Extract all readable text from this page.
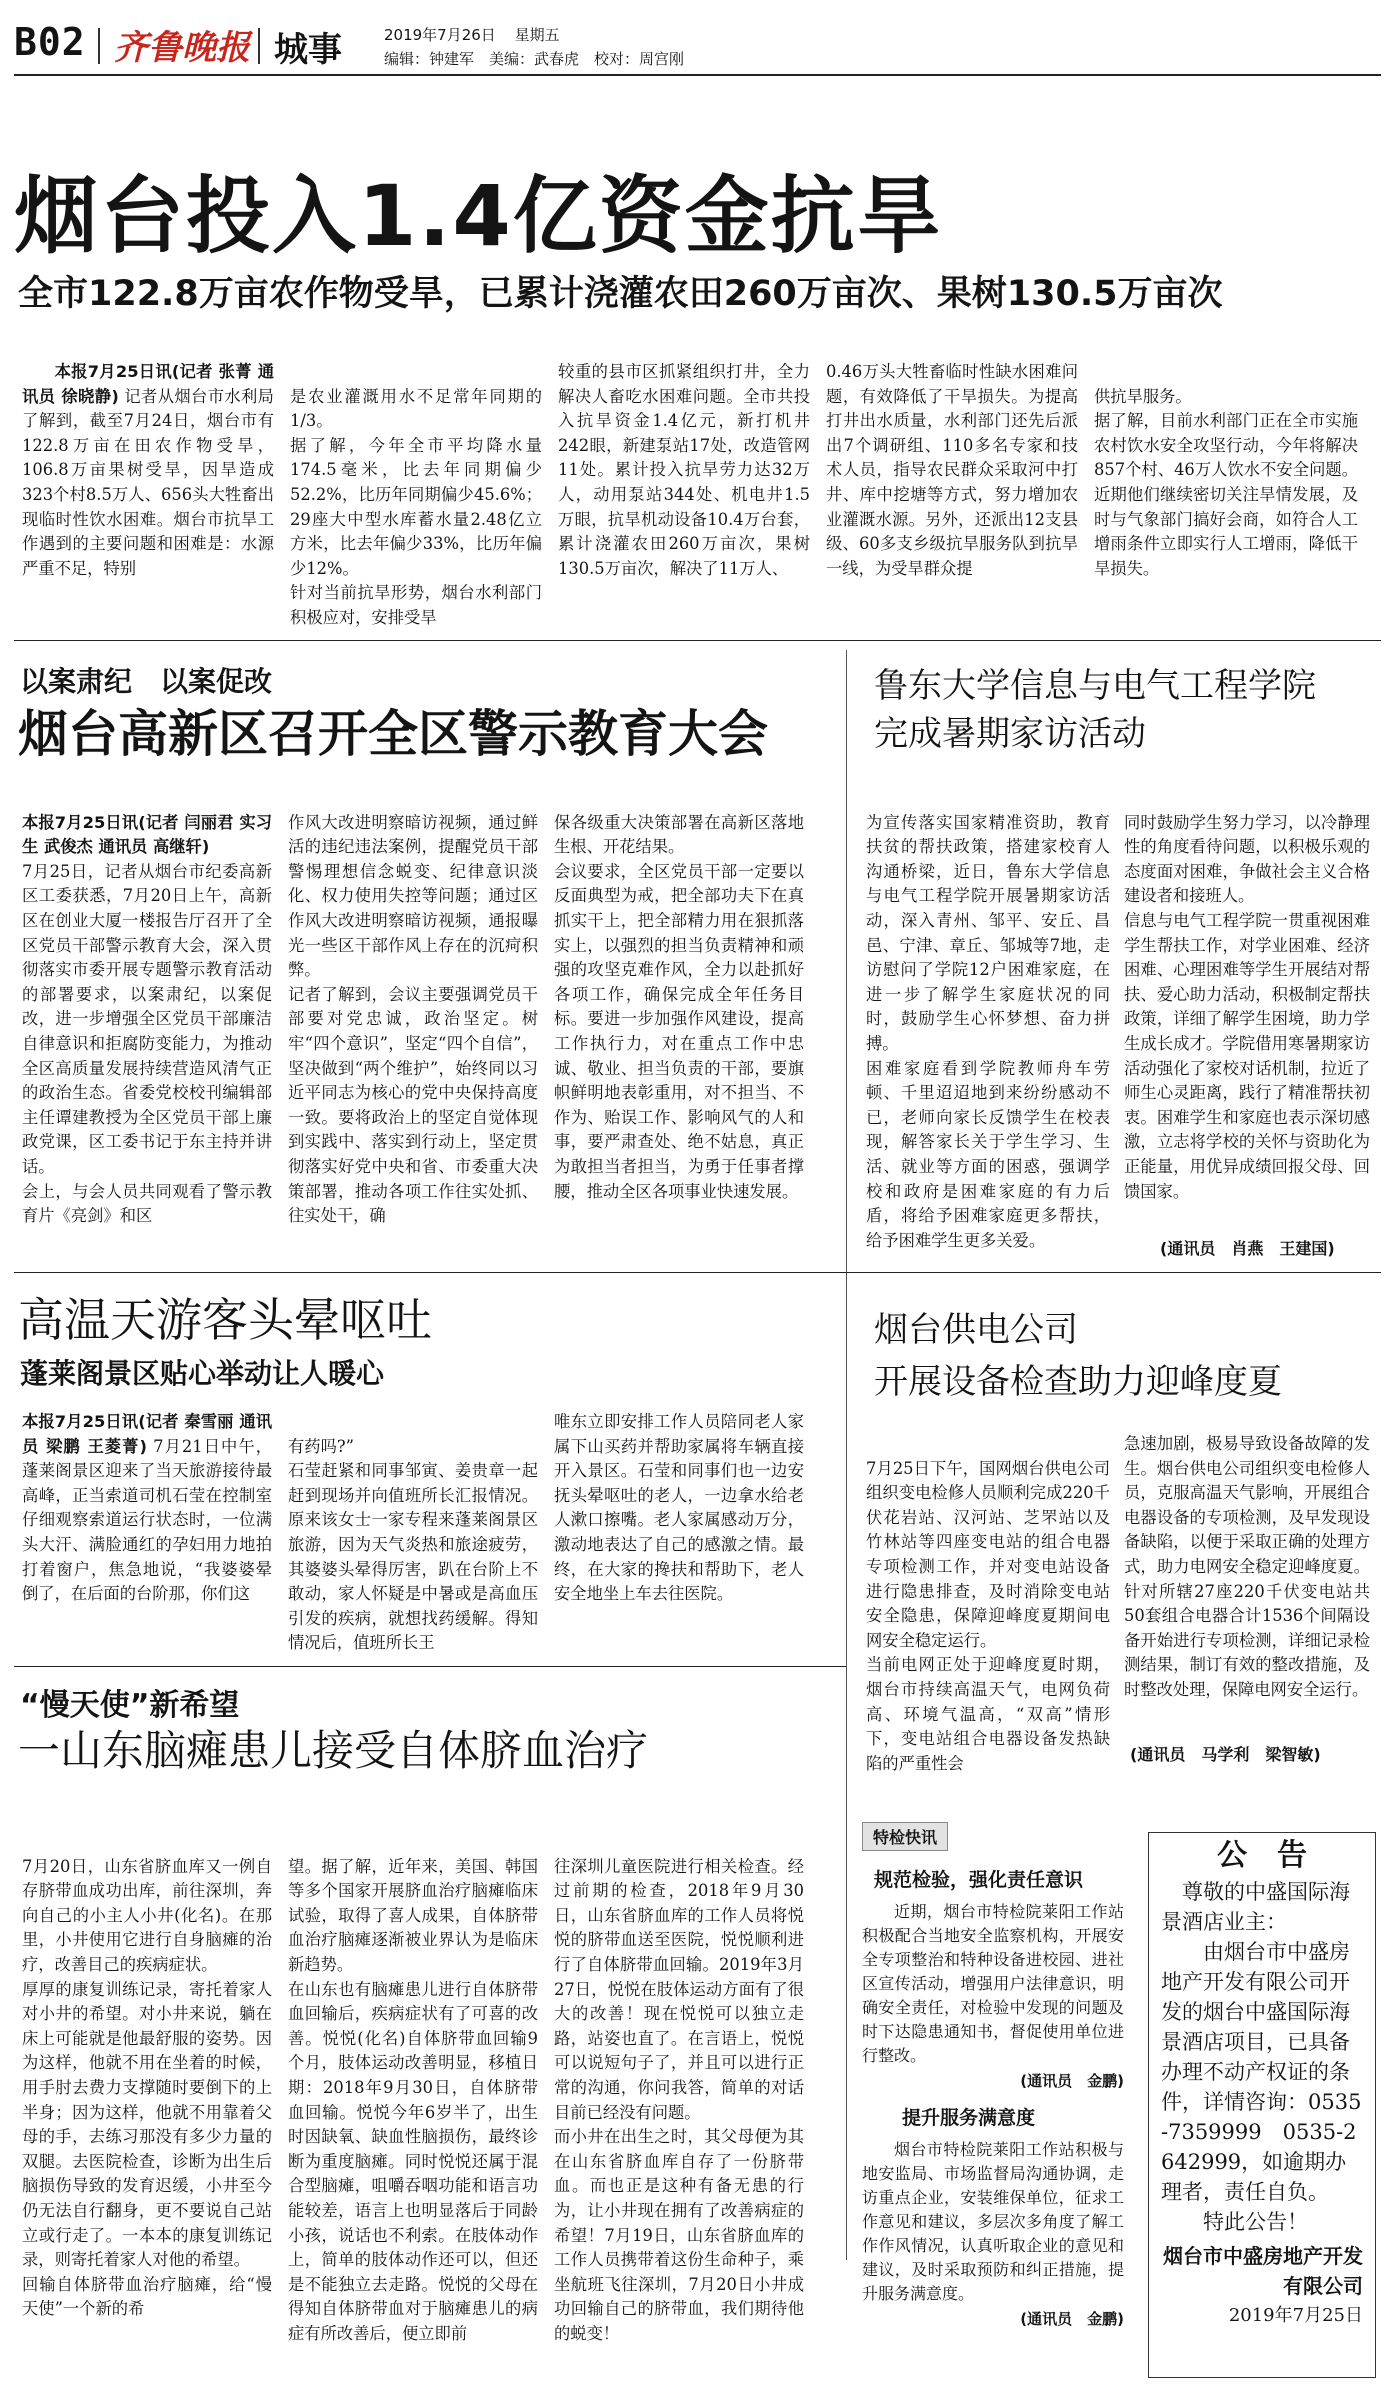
B02 齐鲁晚报 城事	2019年7月26日 星期五
编辑：钟建军　美编：武春虎　校对：周宫刚
烟台投入1.4亿资金抗旱
全市122.8万亩农作物受旱，已累计浇灌农田260万亩次、果树130.5万亩次

本报7月25日讯(记者 张菁 通讯员 徐晓静) 记者从烟台市水利局了解到，截至7月24日，烟台市有122.8万亩在田农作物受旱，106.8万亩果树受旱，因旱造成323个村8.5万人、656头大牲畜出现临时性饮水困难。烟台市抗旱工作遇到的主要问题和困难是：水源严重不足，特别

是农业灌溉用水不足常年同期的1/3。
据了解，今年全市平均降水量174.5毫米，比去年同期偏少52.2%，比历年同期偏少45.6%；29座大中型水库蓄水量2.48亿立方米，比去年偏少33%，比历年偏少12%。
针对当前抗旱形势，烟台水利部门积极应对，安排受旱

较重的县市区抓紧组织打井，全力解决人畜吃水困难问题。全市共投入抗旱资金1.4亿元，新打机井242眼，新建泵站17处，改造管网11处。累计投入抗旱劳力达32万人，动用泵站344处、机电井1.5万眼，抗旱机动设备10.4万台套，累计浇灌农田260万亩次，果树130.5万亩次，解决了11万人、
0.46万头大牲畜临时性缺水困难问题，有效降低了干旱损失。为提高打井出水质量，水利部门还先后派出7个调研组、110多名专家和技术人员，指导农民群众采取河中打井、库中挖塘等方式，努力增加农业灌溉水源。另外，还派出12支县级、60多支乡级抗旱服务队到抗旱一线，为受旱群众提

供抗旱服务。
据了解，目前水利部门正在全市实施农村饮水安全攻坚行动，今年将解决857个村、46万人饮水不安全问题。近期他们继续密切关注旱情发展，及时与气象部门搞好会商，如符合人工增雨条件立即实行人工增雨，降低干旱损失。

以案肃纪　以案促改
烟台高新区召开全区警示教育大会

本报7月25日讯(记者 闫丽君 实习生 武俊杰 通讯员 高继轩)
7月25日，记者从烟台市纪委高新区工委获悉，7月20日上午，高新区在创业大厦一楼报告厅召开了全区党员干部警示教育大会，深入贯彻落实市委开展专题警示教育活动的部署要求，以案肃纪，以案促改，进一步增强全区党员干部廉洁自律意识和拒腐防变能力，为推动全区高质量发展持续营造风清气正的政治生态。省委党校校刊编辑部主任谭建教授为全区党员干部上廉政党课，区工委书记于东主持并讲话。
会上，与会人员共同观看了警示教育片《亮剑》和区

作风大改进明察暗访视频，通过鲜活的违纪违法案例，提醒党员干部警惕理想信念蜕变、纪律意识淡化、权力使用失控等问题；通过区作风大改进明察暗访视频，通报曝光一些区干部作风上存在的沉疴积弊。
记者了解到，会议主要强调党员干部要对党忠诚，政治坚定。树牢“四个意识”，坚定“四个自信”，坚决做到“两个维护”，始终同以习近平同志为核心的党中央保持高度一致。要将政治上的坚定自觉体现到实践中、落实到行动上，坚定贯彻落实好党中央和省、市委重大决策部署，推动各项工作往实处抓、往实处干，确

保各级重大决策部署在高新区落地生根、开花结果。
会议要求，全区党员干部一定要以反面典型为戒，把全部功夫下在真抓实干上，把全部精力用在狠抓落实上，以强烈的担当负责精神和顽强的攻坚克难作风，全力以赴抓好各项工作，确保完成全年任务目标。要进一步加强作风建设，提高工作执行力，对在重点工作中忠诚、敬业、担当负责的干部，要旗帜鲜明地表彰重用，对不担当、不作为、贻误工作、影响风气的人和事，要严肃查处、绝不姑息，真正为敢担当者担当，为勇于任事者撑腰，推动全区各项事业快速发展。

鲁东大学信息与电气工程学院
完成暑期家访活动

为宣传落实国家精准资助，教育扶贫的帮扶政策，搭建家校育人沟通桥梁，近日，鲁东大学信息与电气工程学院开展暑期家访活动，深入青州、邹平、安丘、昌邑、宁津、章丘、邹城等7地，走访慰问了学院12户困难家庭，在进一步了解学生家庭状况的同时，鼓励学生心怀梦想、奋力拼搏。
困难家庭看到学院教师舟车劳顿、千里迢迢地到来纷纷感动不已，老师向家长反馈学生在校表现，解答家长关于学生学习、生活、就业等方面的困惑，强调学校和政府是困难家庭的有力后盾，将给予困难家庭更多帮扶，给予困难学生更多关爱。

同时鼓励学生努力学习，以冷静理性的角度看待问题，以积极乐观的态度面对困难，争做社会主义合格建设者和接班人。
信息与电气工程学院一贯重视困难学生帮扶工作，对学业困难、经济困难、心理困难等学生开展结对帮扶、爱心助力活动，积极制定帮扶政策，详细了解学生困境，助力学生成长成才。学院借用寒暑期家访活动强化了家校对话机制，拉近了师生心灵距离，践行了精准帮扶初衷。困难学生和家庭也表示深切感激，立志将学校的关怀与资助化为正能量，用优异成绩回报父母、回馈国家。

(通讯员　肖燕　王建国)
高温天游客头晕呕吐
蓬莱阁景区贴心举动让人暖心
本报7月25日讯(记者 秦雪丽 通讯员 梁鹏 王菱菁) 7月21日中午，蓬莱阁景区迎来了当天旅游接待最高峰，正当索道司机石莹在控制室仔细观察索道运行状态时，一位满头大汗、满脸通红的孕妇用力地拍打着窗户，焦急地说，“我婆婆晕倒了，在后面的台阶那，你们这

有药吗?”
石莹赶紧和同事邹寅、姜贵章一起赶到现场并向值班所长汇报情况。原来该女士一家专程来蓬莱阁景区旅游，因为天气炎热和旅途疲劳，其婆婆头晕得厉害，趴在台阶上不敢动，家人怀疑是中暑或是高血压引发的疾病，就想找药缓解。得知情况后，值班所长王

唯东立即安排工作人员陪同老人家属下山买药并帮助家属将车辆直接开入景区。石莹和同事们也一边安抚头晕呕吐的老人，一边拿水给老人漱口擦嘴。老人家属感动万分，激动地表达了自己的感激之情。最终，在大家的搀扶和帮助下，老人安全地坐上车去往医院。
烟台供电公司
开展设备检查助力迎峰度夏

7月25日下午，国网烟台供电公司组织变电检修人员顺利完成220千伏花岩站、汉河站、芝罘站以及竹林站等四座变电站的组合电器专项检测工作，并对变电站设备进行隐患排查，及时消除变电站安全隐患，保障迎峰度夏期间电网安全稳定运行。
当前电网正处于迎峰度夏时期，烟台市持续高温天气，电网负荷高、环境气温高，“双高”情形下，变电站组合电器设备发热缺陷的严重性会

急速加剧，极易导致设备故障的发生。烟台供电公司组织变电检修人员，克服高温天气影响，开展组合电器设备的专项检测，及早发现设备缺陷，以便于采取正确的处理方式，助力电网安全稳定迎峰度夏。针对所辖27座220千伏变电站共50套组合电器合计1536个间隔设备开始进行专项检测，详细记录检测结果，制订有效的整改措施，及时整改处理，保障电网安全运行。
(通讯员　马学利　梁智敏)
“慢天使”新希望
一山东脑瘫患儿接受自体脐血治疗

7月20日，山东省脐血库又一例自存脐带血成功出库，前往深圳，奔向自己的小主人小井(化名)。在那里，小井使用它进行自身脑瘫的治疗，改善目己的疾病症状。
厚厚的康复训练记录，寄托着家人对小井的希望。对小井来说，躺在床上可能就是他最舒服的姿势。因为这样，他就不用在坐着的时候，用手肘去费力支撑随时要倒下的上半身；因为这样，他就不用靠着父母的手，去练习那没有多少力量的双腿。去医院检查，诊断为出生后脑损伤导致的发育迟缓，小井至今仍无法自行翻身，更不要说自己站立或行走了。一本本的康复训练记录，则寄托着家人对他的希望。
回输自体脐带血治疗脑瘫，给“慢天使”一个新的希

望。据了解，近年来，美国、韩国等多个国家开展脐血治疗脑瘫临床试验，取得了喜人成果，自体脐带血治疗脑瘫逐渐被业界认为是临床新趋势。
在山东也有脑瘫患儿进行自体脐带血回输后，疾病症状有了可喜的改善。悦悦(化名)自体脐带血回输9个月，肢体运动改善明显，移植日期：2018年9月30日，自体脐带血回输。悦悦今年6岁半了，出生时因缺氧、缺血性脑损伤，最终诊断为重度脑瘫。同时悦悦还属于混合型脑瘫，咀嚼吞咽功能和语言功能较差，语言上也明显落后于同龄小孩，说话也不利索。在肢体动作上，简单的肢体动作还可以，但还是不能独立去走路。悦悦的父母在得知自体脐带血对于脑瘫患儿的病症有所改善后，便立即前

往深圳儿童医院进行相关检查。经过前期的检查，2018年9月30日，山东省脐血库的工作人员将悦悦的脐带血送至医院，悦悦顺利进行了自体脐带血回输。2019年3月27日，悦悦在肢体运动方面有了很大的改善！现在悦悦可以独立走路，站姿也直了。在言语上，悦悦可以说短句子了，并且可以进行正常的沟通，你问我答，简单的对话目前已经没有问题。
而小井在出生之时，其父母便为其在山东省脐血库自存了一份脐带血。而也正是这种有备无患的行为，让小井现在拥有了改善病症的希望！7月19日，山东省脐血库的工作人员携带着这份生命种子，乘坐航班飞往深圳，7月20日小井成功回输自己的脐带血，我们期待他的蜕变！

特检快讯
规范检验，强化责任意识

近期，烟台市特检院莱阳工作站积极配合当地安全监察机构，开展安全专项整治和特种设备进校园、进社区宣传活动，增强用户法律意识，明确安全责任，对检验中发现的问题及时下达隐患通知书，督促使用单位进行整改。

(通讯员　金鹏)
提升服务满意度

烟台市特检院莱阳工作站积极与地安监局、市场监督局沟通协调，走访重点企业，安装维保单位，征求工作意见和建议，多层次多角度了解工作作风情况，认真听取企业的意见和建议，及时采取预防和纠正措施，提升服务满意度。

(通讯员　金鹏)
公　告
尊敬的中盛国际海景酒店业主：
由烟台市中盛房地产开发有限公司开发的烟台中盛国际海景酒店项目，已具备办理不动产权证的条件，详情咨询：0535-7359999　0535-2642999，如逾期办理者，责任自负。
特此公告！
烟台市中盛房地产开发有限公司
2019年7月25日
